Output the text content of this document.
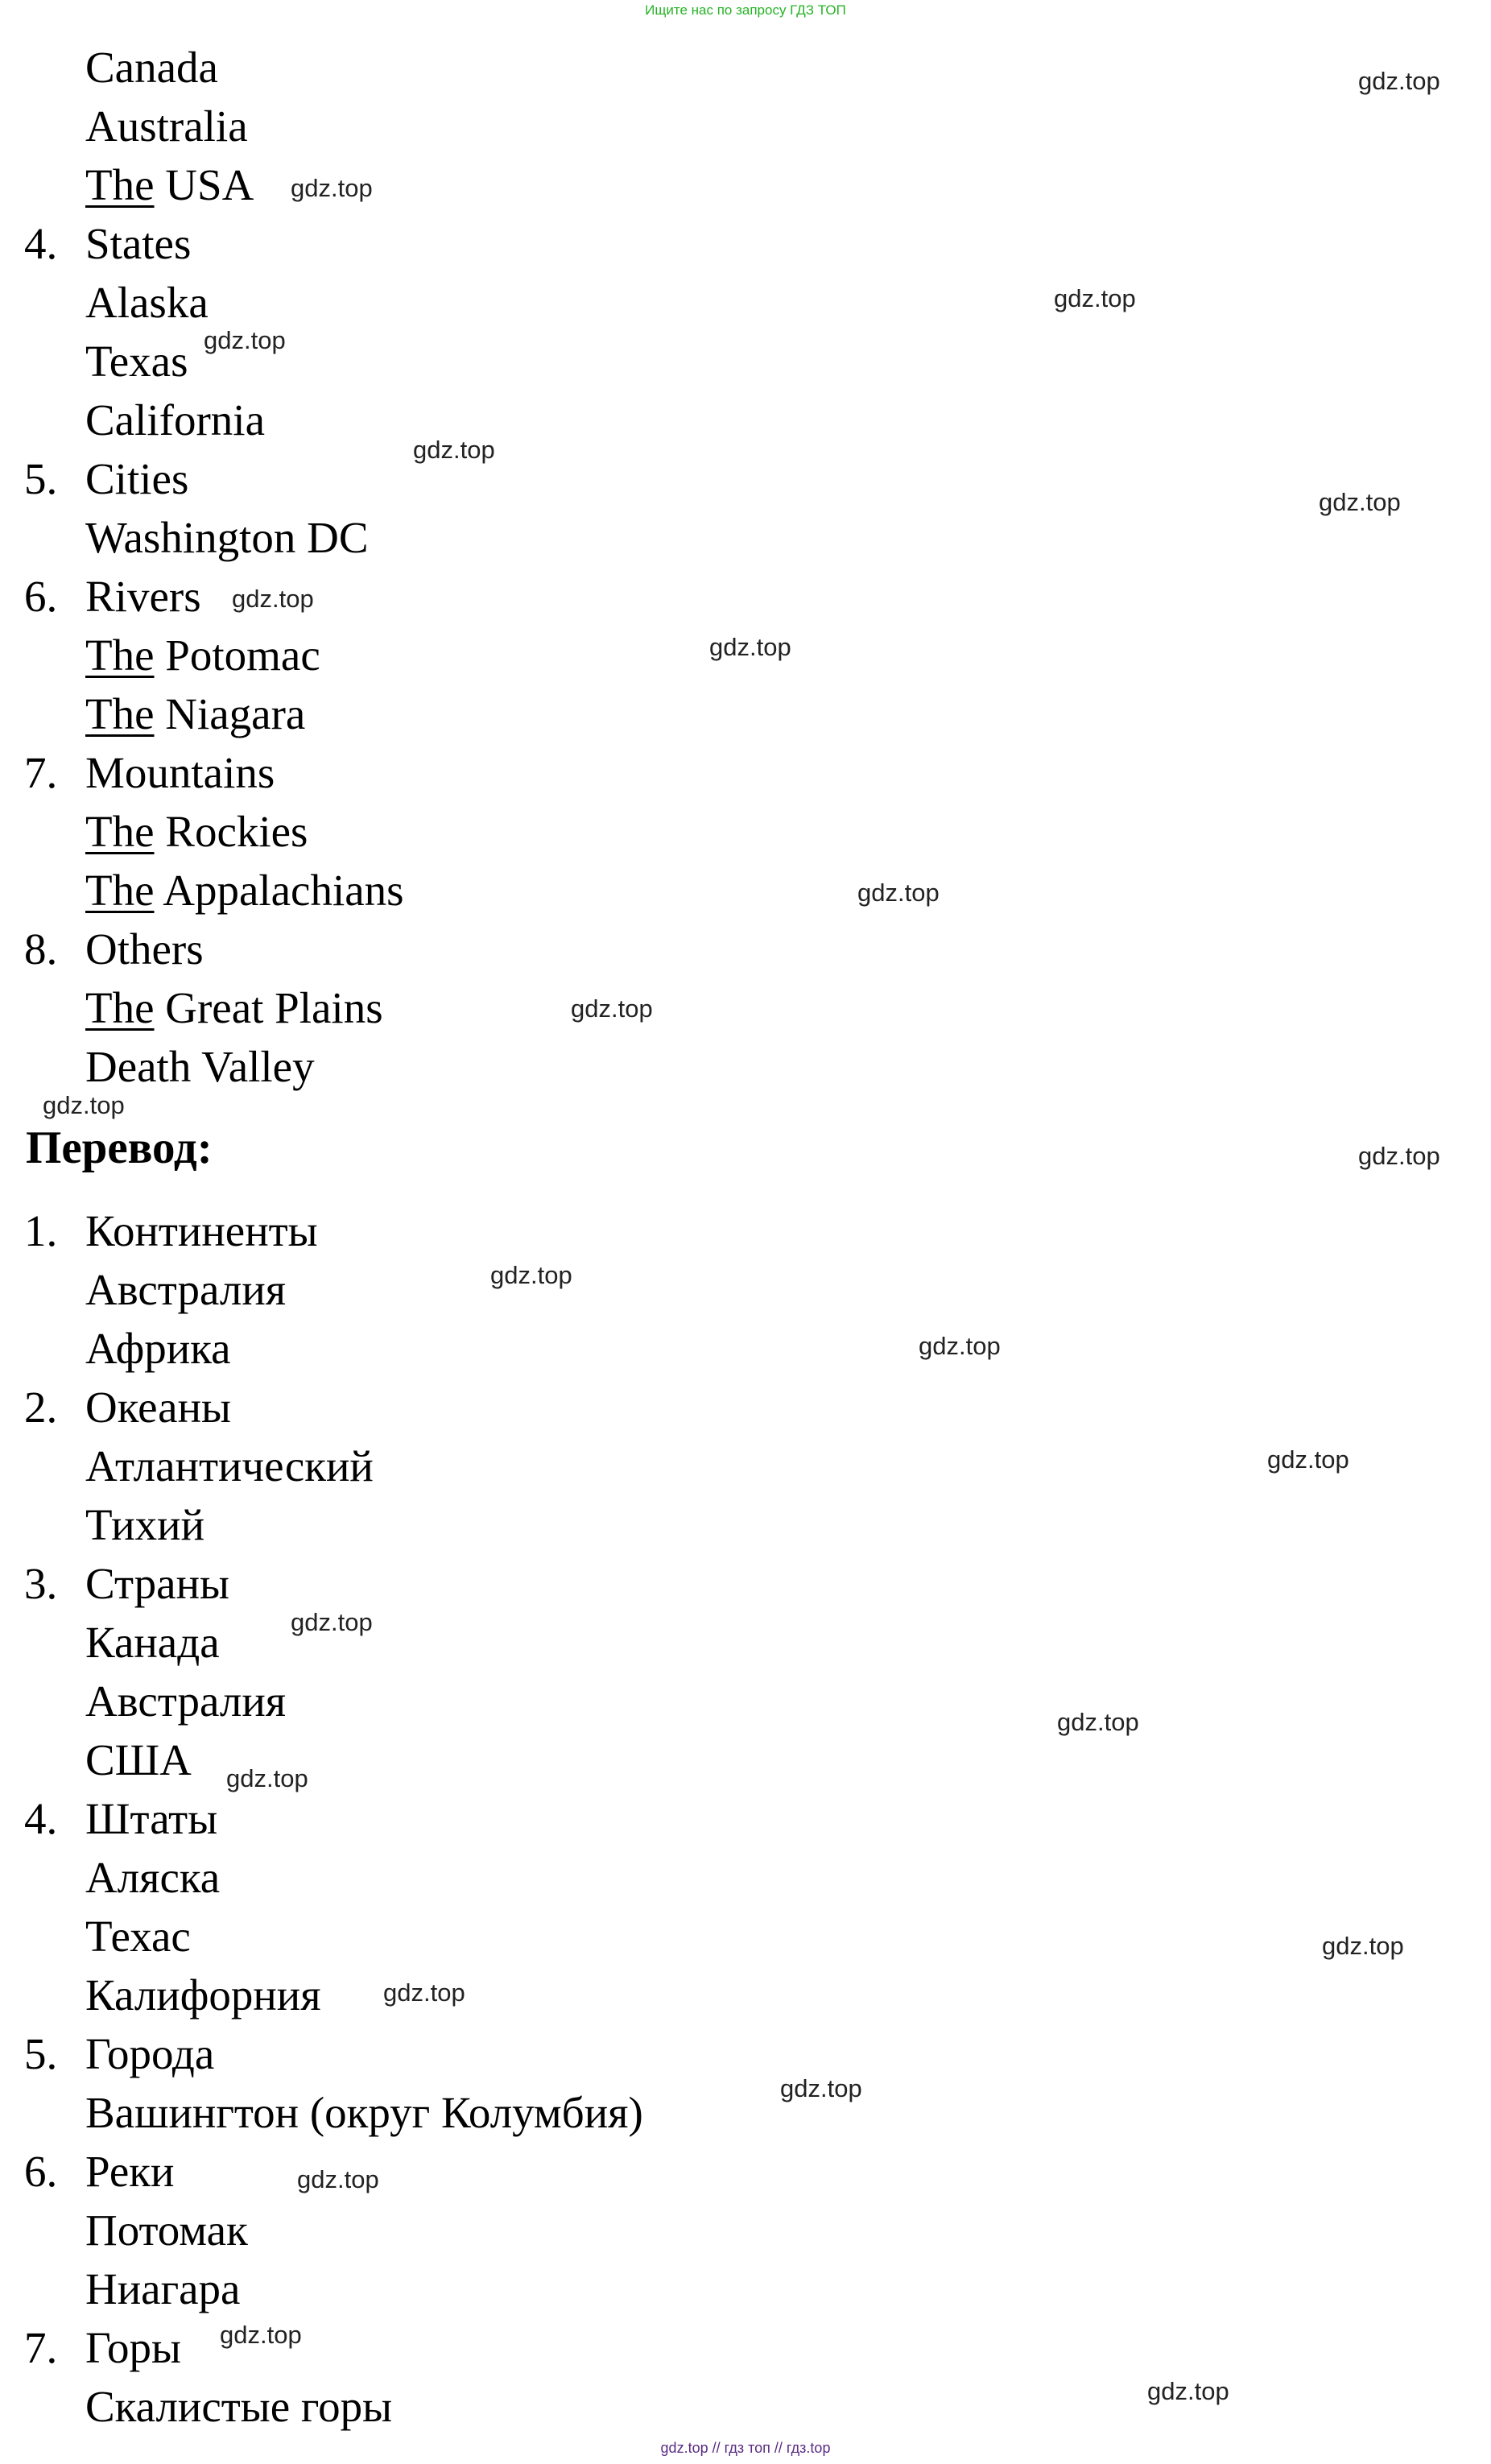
Ищите нас по запросу ГДЗ ТОП
Canada
Australia
The USA
4. States
Alaska
Texas
California
5. Cities
Washington DC
6. Rivers
The Potomac
The Niagara
7. Mountains
The Rockies
The Appalachians
8. Others
The Great Plains
Death Valley
Перевод:
1. Континенты
Австралия
Африка
2. Океаны
Атлантический
Тихий
3. Страны
Канада
Австралия
США
4. Штаты
Аляска
Техас
Калифорния
5. Города
Вашингтон (округ Колумбия)
6. Реки
Потомак
Ниагара
7. Горы
Скалистые горы
gdz.top
gdz.top
gdz.top
gdz.top
gdz.top
gdz.top
gdz.top
gdz.top
gdz.top
gdz.top
gdz.top
gdz.top
gdz.top
gdz.top
gdz.top
gdz.top
gdz.top
gdz.top
gdz.top
gdz.top
gdz.top
gdz.top
gdz.top
gdz.top
gdz.top // гдз топ // гдз.top
